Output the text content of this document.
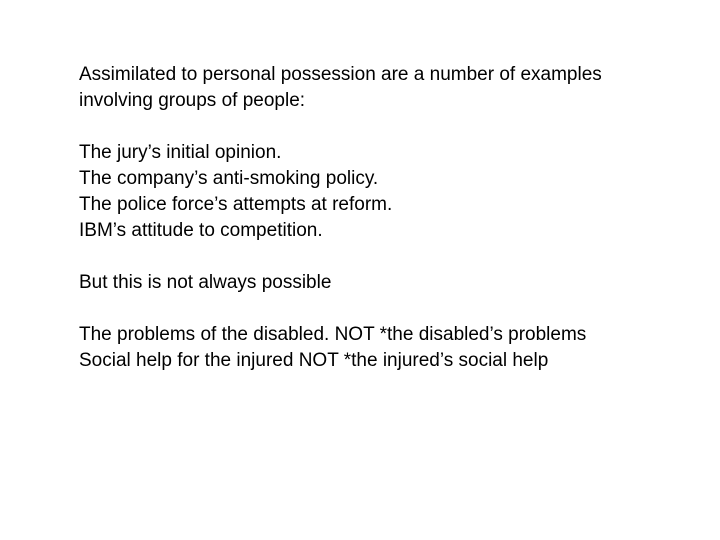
Assimilated to personal possession are a number of examples
involving groups of people:
The jury’s initial opinion.
The company’s anti-smoking policy.
The police force’s attempts at reform.
IBM’s attitude to competition.
But this is not always possible
The problems of the disabled. NOT *the disabled’s problems
Social help for the injured NOT *the injured’s social help
